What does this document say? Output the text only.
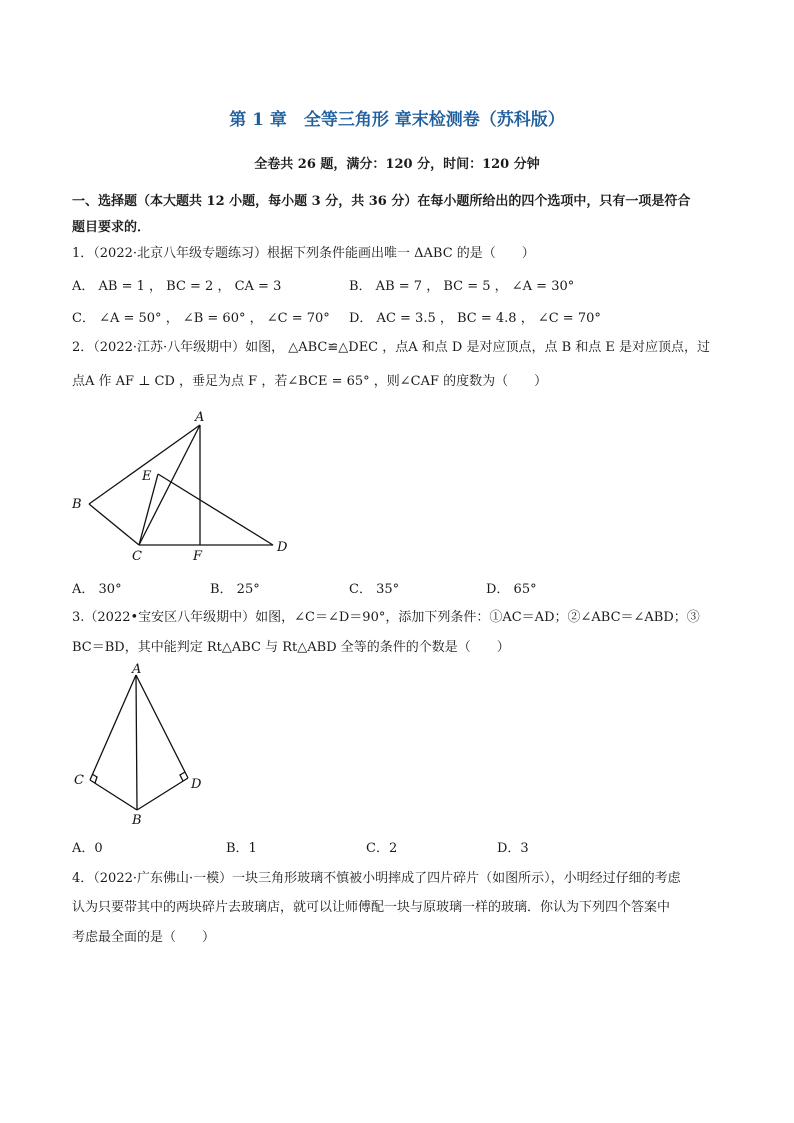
第 1 章　全等三角形 章末检测卷（苏科版）
全卷共 26 题，满分：120 分，时间：120 分钟
一、选择题（本大题共 12 小题，每小题 3 分，共 36 分）在每小题所给出的四个选项中，只有一项是符合
题目要求的．
1．（2022·北京八年级专题练习）根据下列条件能画出唯一 ΔABC 的是（　　）
A． AB = 1 ， BC = 2 ， CA = 3	B． AB = 7 ， BC = 5 ， ∠A = 30°
C． ∠A = 50° ， ∠B = 60° ， ∠C = 70° D． AC = 3.5 ， BC = 4.8 ， ∠C = 70°
2．（2022·江苏·八年级期中）如图， △ABC≌△DEC ，点A 和点 D 是对应顶点，点 B 和点 E 是对应顶点，过
点A 作 AF ⊥ CD ，垂足为点 F ，若∠BCE = 65° ，则∠CAF 的度数为（　　）
A
B
C
D
E
F
A． 30°	B． 25°	C． 35°	D． 65°
3.（2022•宝安区八年级期中）如图，∠C＝∠D＝90°，添加下列条件：①AC＝AD；②∠ABC＝∠ABD；③
BC＝BD，其中能判定 Rt△ABC 与 Rt△ABD 全等的条件的个数是（　　）
A
C	D
B
A．0	B．1	C．2	D．3
4．（2022·广东佛山·一模）一块三角形玻璃不慎被小明摔成了四片碎片（如图所示），小明经过仔细的考虑
认为只要带其中的两块碎片去玻璃店，就可以让师傅配一块与原玻璃一样的玻璃．你认为下列四个答案中
考虑最全面的是（　　）
